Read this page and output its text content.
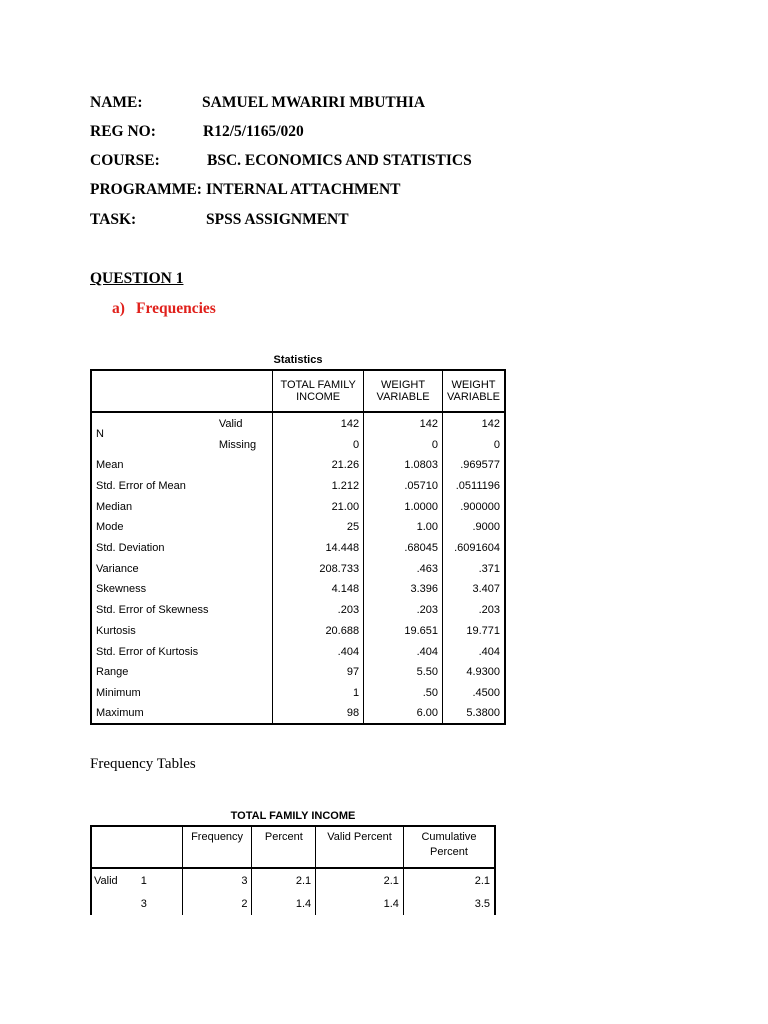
NAME:	SAMUEL MWARIRI MBUTHIA
REG NO:	R12/5/1165/020
COURSE:	BSC. ECONOMICS AND STATISTICS
PROGRAMME: INTERNAL ATTACHMENT
TASK:	SPSS ASSIGNMENT
QUESTION 1
a) Frequencies
Statistics
		TOTAL FAMILY	WEIGHT	WEIGHT
		INCOME	VARIABLE	VARIABLE
N	Valid	142	142	142
	Missing	0	0	0
Mean		21.26	1.0803	.969577
Std. Error of Mean		1.212	.05710	.0511196
Median		21.00	1.0000	.900000
Mode		25	1.00	.9000
Std. Deviation		14.448	.68045	.6091604
Variance		208.733	.463	.371
Skewness		4.148	3.396	3.407
Std. Error of Skewness		.203	.203	.203
Kurtosis		20.688	19.651	19.771
Std. Error of Kurtosis		.404	.404	.404
Range		97	5.50	4.9300
Minimum		1	.50	.4500
Maximum		98	6.00	5.3800
Frequency Tables
TOTAL FAMILY INCOME
		Frequency	Percent	Valid Percent	Cumulative
					Percent
Valid	1	3	2.1	2.1	2.1
	3	2	1.4	1.4	3.5
